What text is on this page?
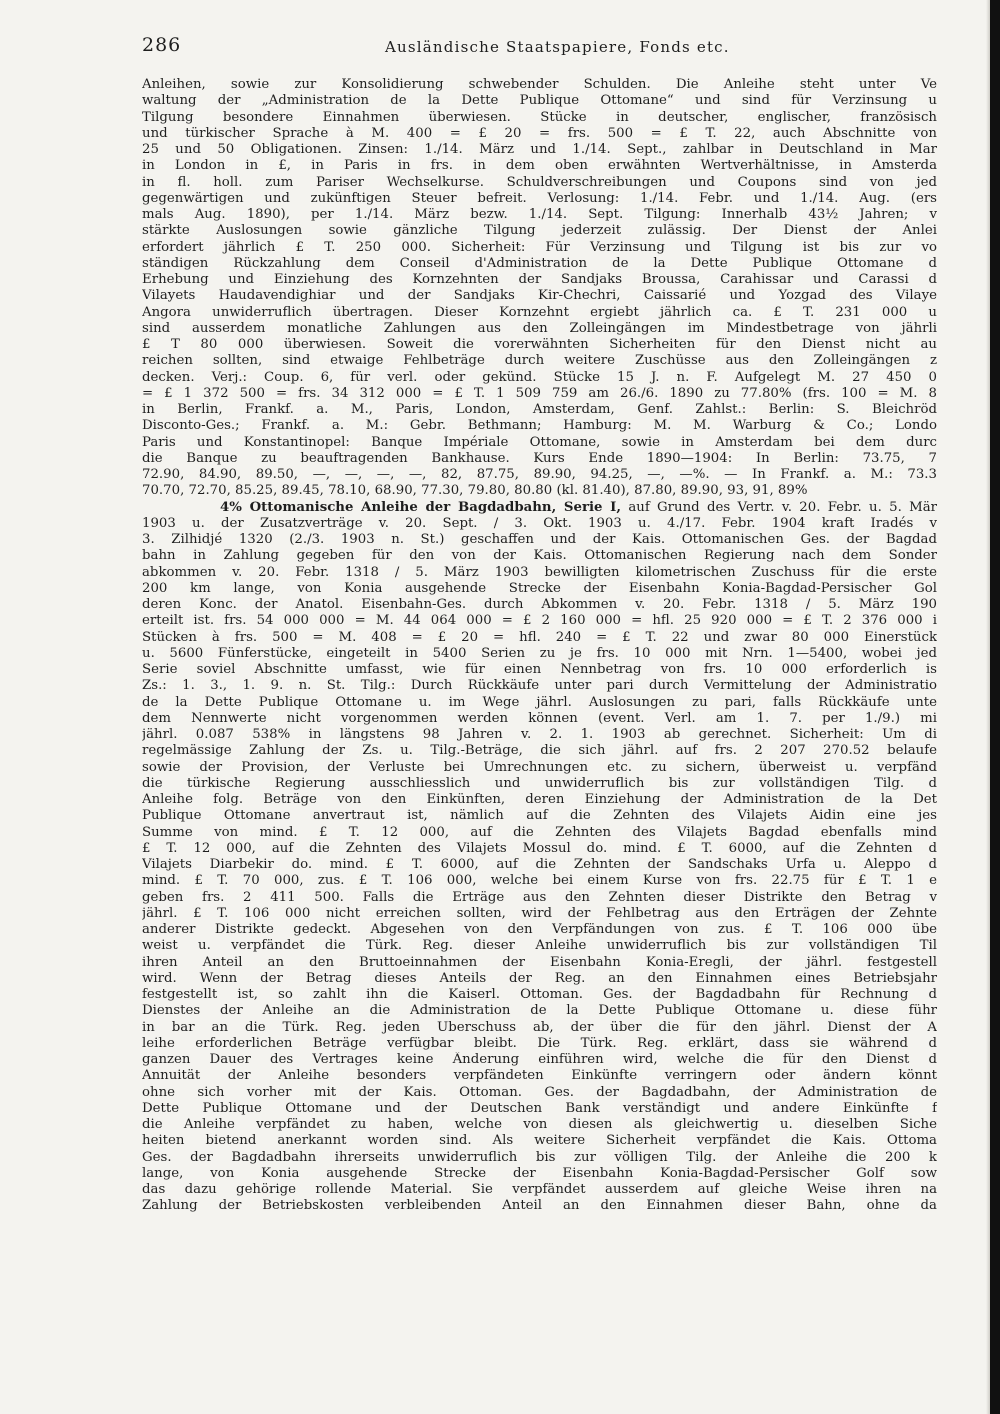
286	Ausländische Staatspapiere, Fonds etc.
Anleihen, sowie zur Konsolidierung schwebender Schulden. Die Anleihe steht unter Ve
waltung der „Administration de la Dette Publique Ottomane“ und sind für Verzinsung u
Tilgung besondere Einnahmen überwiesen. Stücke in deutscher, englischer, französisch
und türkischer Sprache à M. 400 = £ 20 = frs. 500 = £ T. 22, auch Abschnitte von
25 und 50 Obligationen. Zinsen: 1./14. März und 1./14. Sept., zahlbar in Deutschland in Mar
in London in £, in Paris in frs. in dem oben erwähnten Wertverhältnisse, in Amsterda
in fl. holl. zum Pariser Wechselkurse. Schuldverschreibungen und Coupons sind von jed
gegenwärtigen und zukünftigen Steuer befreit. Verlosung: 1./14. Febr. und 1./14. Aug. (ers
mals Aug. 1890), per 1./14. März bezw. 1./14. Sept. Tilgung: Innerhalb 43½ Jahren; v
stärkte Auslosungen sowie gänzliche Tilgung jederzeit zulässig. Der Dienst der Anlei
erfordert jährlich £ T. 250 000. Sicherheit: Für Verzinsung und Tilgung ist bis zur vo
ständigen Rückzahlung dem Conseil d'Administration de la Dette Publique Ottomane d
Erhebung und Einziehung des Kornzehnten der Sandjaks Broussa, Carahissar und Carassi d
Vilayets Haudavendighiar und der Sandjaks Kir-Chechri, Caissarié und Yozgad des Vilaye
Angora unwiderruflich übertragen. Dieser Kornzehnt ergiebt jährlich ca. £ T. 231 000 u
sind ausserdem monatliche Zahlungen aus den Zolleingängen im Mindestbetrage von jährli
£ T 80 000 überwiesen. Soweit die vorerwähnten Sicherheiten für den Dienst nicht au
reichen sollten, sind etwaige Fehlbeträge durch weitere Zuschüsse aus den Zolleingängen z
decken. Verj.: Coup. 6, für verl. oder gekünd. Stücke 15 J. n. F. Aufgelegt M. 27 450 0
= £ 1 372 500 = frs. 34 312 000 = £ T. 1 509 759 am 26./6. 1890 zu 77.80% (frs. 100 = M. 8
in Berlin, Frankf. a. M., Paris, London, Amsterdam, Genf. Zahlst.: Berlin: S. Bleichröd
Disconto-Ges.; Frankf. a. M.: Gebr. Bethmann; Hamburg: M. M. Warburg & Co.; Londo
Paris und Konstantinopel: Banque Impériale Ottomane, sowie in Amsterdam bei dem durc
die Banque zu beauftragenden Bankhause. Kurs Ende 1890—1904: In Berlin: 73.75, 7
72.90, 84.90, 89.50, —, —, —, —, 82, 87.75, 89.90, 94.25, —, —%. — In Frankf. a. M.: 73.3
70.70, 72.70, 85.25, 89.45, 78.10, 68.90, 77.30, 79.80, 80.80 (kl. 81.40), 87.80, 89.90, 93, 91, 89%
4% Ottomanische Anleihe der Bagdadbahn, Serie I, auf Grund des Vertr. v. 20. Febr. u. 5. Mär
1903 u. der Zusatzverträge v. 20. Sept. / 3. Okt. 1903 u. 4./17. Febr. 1904 kraft Iradés v
3. Zilhidjé 1320 (2./3. 1903 n. St.) geschaffen und der Kais. Ottomanischen Ges. der Bagdad
bahn in Zahlung gegeben für den von der Kais. Ottomanischen Regierung nach dem Sonder
abkommen v. 20. Febr. 1318 / 5. März 1903 bewilligten kilometrischen Zuschuss für die erste
200 km lange, von Konia ausgehende Strecke der Eisenbahn Konia-Bagdad-Persischer Gol
deren Konc. der Anatol. Eisenbahn-Ges. durch Abkommen v. 20. Febr. 1318 / 5. März 190
erteilt ist. frs. 54 000 000 = M. 44 064 000 = £ 2 160 000 = hfl. 25 920 000 = £ T. 2 376 000 i
Stücken à frs. 500 = M. 408 = £ 20 = hfl. 240 = £ T. 22 und zwar 80 000 Einerstück
u. 5600 Fünferstücke, eingeteilt in 5400 Serien zu je frs. 10 000 mit Nrn. 1—5400, wobei jed
Serie soviel Abschnitte umfasst, wie für einen Nennbetrag von frs. 10 000 erforderlich is
Zs.: 1. 3., 1. 9. n. St. Tilg.: Durch Rückkäufe unter pari durch Vermittelung der Administratio
de la Dette Publique Ottomane u. im Wege jährl. Auslosungen zu pari, falls Rückkäufe unte
dem Nennwerte nicht vorgenommen werden können (event. Verl. am 1. 7. per 1./9.) mi
jährl. 0.087 538% in längstens 98 Jahren v. 2. 1. 1903 ab gerechnet. Sicherheit: Um di
regelmässige Zahlung der Zs. u. Tilg.-Beträge, die sich jährl. auf frs. 2 207 270.52 belaufe
sowie der Provision, der Verluste bei Umrechnungen etc. zu sichern, überweist u. verpfänd
die türkische Regierung ausschliesslich und unwiderruflich bis zur vollständigen Tilg. d
Anleihe folg. Beträge von den Einkünften, deren Einziehung der Administration de la Det
Publique Ottomane anvertraut ist, nämlich auf die Zehnten des Vilajets Aidin eine jes
Summe von mind. £ T. 12 000, auf die Zehnten des Vilajets Bagdad ebenfalls mind
£ T. 12 000, auf die Zehnten des Vilajets Mossul do. mind. £ T. 6000, auf die Zehnten d
Vilajets Diarbekir do. mind. £ T. 6000, auf die Zehnten der Sandschaks Urfa u. Aleppo d
mind. £ T. 70 000, zus. £ T. 106 000, welche bei einem Kurse von frs. 22.75 für £ T. 1 e
geben frs. 2 411 500. Falls die Erträge aus den Zehnten dieser Distrikte den Betrag v
jährl. £ T. 106 000 nicht erreichen sollten, wird der Fehlbetrag aus den Erträgen der Zehnte
anderer Distrikte gedeckt. Abgesehen von den Verpfändungen von zus. £ T. 106 000 übe
weist u. verpfändet die Türk. Reg. dieser Anleihe unwiderruflich bis zur vollständigen Til
ihren Anteil an den Bruttoeinnahmen der Eisenbahn Konia-Eregli, der jährl. festgestell
wird. Wenn der Betrag dieses Anteils der Reg. an den Einnahmen eines Betriebsjahr
festgestellt ist, so zahlt ihn die Kaiserl. Ottoman. Ges. der Bagdadbahn für Rechnung d
Dienstes der Anleihe an die Administration de la Dette Publique Ottomane u. diese führ
in bar an die Türk. Reg. jeden Überschuss ab, der über die für den jährl. Dienst der A
leihe erforderlichen Beträge verfügbar bleibt. Die Türk. Reg. erklärt, dass sie während d
ganzen Dauer des Vertrages keine Änderung einführen wird, welche die für den Dienst d
Annuität der Anleihe besonders verpfändeten Einkünfte verringern oder ändern könnt
ohne sich vorher mit der Kais. Ottoman. Ges. der Bagdadbahn, der Administration de
Dette Publique Ottomane und der Deutschen Bank verständigt und andere Einkünfte f
die Anleihe verpfändet zu haben, welche von diesen als gleichwertig u. dieselben Siche
heiten bietend anerkannt worden sind. Als weitere Sicherheit verpfändet die Kais. Ottoma
Ges. der Bagdadbahn ihrerseits unwiderruflich bis zur völligen Tilg. der Anleihe die 200 k
lange, von Konia ausgehende Strecke der Eisenbahn Konia-Bagdad-Persischer Golf sow
das dazu gehörige rollende Material. Sie verpfändet ausserdem auf gleiche Weise ihren na
Zahlung der Betriebskosten verbleibenden Anteil an den Einnahmen dieser Bahn, ohne da
